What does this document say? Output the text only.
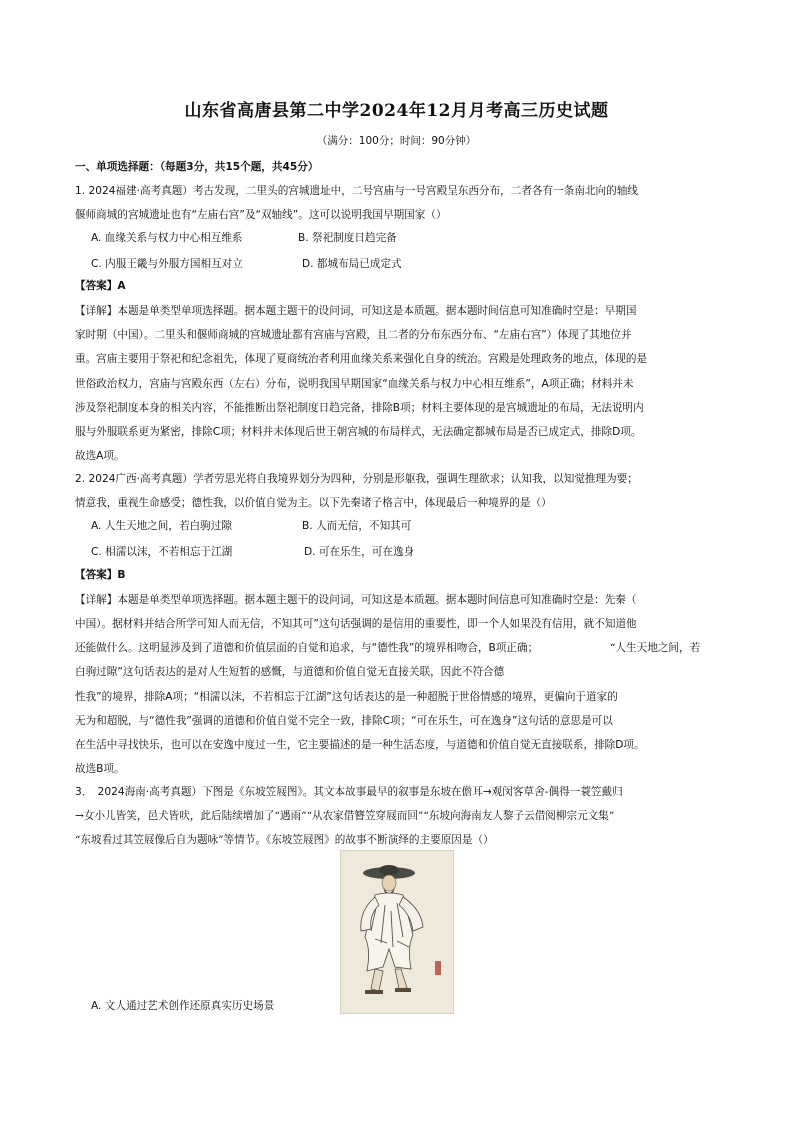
山东省高唐县第二中学2024年12月月考高三历史试题
（满分：100分；时间：90分钟）
一、单项选择题：（每题3分，共15个题，共45分）
1. 2024福建·高考真题）考古发现，二里头的宫城遗址中，二号宫庙与一号宫殿呈东西分布，二者各有一条南北向的轴线
偃师商城的宫城遗址也有“左庙右宫”及“双轴线”。这可以说明我国早期国家（）
A. 血缘关系与权力中心相互维系	B. 祭祀制度日趋完备
C. 内服王畿与外服方国相互对立	D. 都城布局已成定式
【答案】A
【详解】本题是单类型单项选择题。据本题主题干的设问词，可知这是本质题。据本题时间信息可知准确时空是：早期国
家时期（中国）。二里头和偃师商城的宫城遗址都有宫庙与宫殿，且二者的分布东西分布、“左庙右宫”）体现了其地位并
重。宫庙主要用于祭祀和纪念祖先，体现了夏商统治者利用血缘关系来强化自身的统治。宫殿是处理政务的地点，体现的是
世俗政治权力，宫庙与宫殿东西（左右）分布，说明我国早期国家“血缘关系与权力中心相互维系”，A项正确；材料并未
涉及祭祀制度本身的相关内容，不能推断出祭祀制度日趋完备，排除B项；材料主要体现的是宫城遗址的布局，无法说明内
服与外服联系更为紧密，排除C项；材料并未体现后世王朝宫城的布局样式，无法确定都城布局是否已成定式，排除D项。
故选A项。
2. 2024广西·高考真题）学者劳思光将自我境界划分为四种，分别是形躯我，强调生理欲求；认知我，以知觉推理为要；
情意我，重视生命感受；德性我，以价值自觉为主。以下先秦诸子格言中，体现最后一种境界的是（）
A. 人生天地之间，若白驹过隙	B. 人而无信，不知其可
C. 相濡以沫，不若相忘于江湖	D. 可在乐生，可在逸身
【答案】B
【详解】本题是单类型单项选择题。据本题主题干的设问词，可知这是本质题。据本题时间信息可知准确时空是：先秦（
中国）。据材料并结合所学可知人而无信，不知其可”这句话强调的是信用的重要性，即一个人如果没有信用，就不知道他
还能做什么。这明显涉及到了道德和价值层面的自觉和追求，与“德性我”的境界相吻合，B项正确；	“人生天地之间，若
白驹过隙”这句话表达的是对人生短暂的感慨，与道德和价值自觉无直接关联，因此不符合德
性我”的境界，排除A项；“相濡以沫，不若相忘于江湖”这句话表达的是一种超脱于世俗情感的境界，更偏向于道家的
无为和超脱，与“德性我”强调的道德和价值自觉不完全一致，排除C项；“可在乐生，可在逸身”这句话的意思是可以
在生活中寻找快乐，也可以在安逸中度过一生，它主要描述的是一种生活态度，与道德和价值自觉无直接联系，排除D项。
故选B项。
3．　2024海南·高考真题）下图是《东坡笠屐图》。其文本故事最早的叙事是东坡在儋耳→观闵客草舍-偶得一蓑笠戴归
→女小儿皆笑，邑犬皆吠，此后陆续增加了“遇雨”“从农家借簪笠穿屐而回”“东坡向海南友人黎子云借阅柳宗元文集”
“东坡看过其笠屐像后自为题咏”等情节。《东坡笠屐图》的故事不断演绎的主要原因是（）
A. 文人通过艺术创作还原真实历史场景
